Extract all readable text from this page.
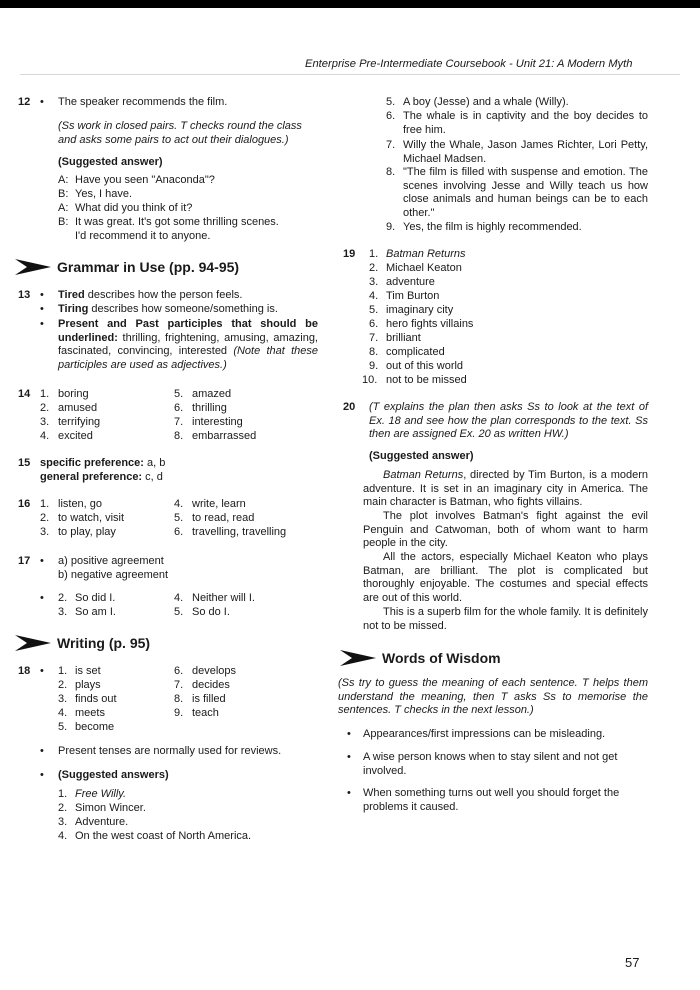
Enterprise Pre-Intermediate Coursebook - Unit 21: A Modern Myth
12 • The speaker recommends the film.
(Ss work in closed pairs. T checks round the class and asks some pairs to act out their dialogues.)
(Suggested answer)
A: Have you seen "Anaconda"?
B: Yes, I have.
A: What did you think of it?
B: It was great. It's got some thrilling scenes.
I'd recommend it to anyone.
Grammar in Use (pp. 94-95)
13 • Tired describes how the person feels.
• Tiring describes how someone/something is.
• Present and Past participles that should be underlined: thrilling, frightening, amusing, amazing, fascinated, convincing, interested (Note that these participles are used as adjectives.)
14 1. boring
2. amused
3. terrifying
4. excited
5. amazed
6. thrilling
7. interesting
8. embarrassed
15 specific preference: a, b
general preference: c, d
16 1. listen, go
2. to watch, visit
3. to play, play
4. write, learn
5. to read, read
6. travelling, travelling
17 • a) positive agreement
b) negative agreement
• 2. So did I.
3. So am I.
4. Neither will I.
5. So do I.
Writing (p. 95)
18 • 1. is set
2. plays
3. finds out
4. meets
5. become
6. develops
7. decides
8. is filled
9. teach
• Present tenses are normally used for reviews.
• (Suggested answers)
1. Free Willy.
2. Simon Wincer.
3. Adventure.
4. On the west coast of North America.
5. A boy (Jesse) and a whale (Willy).
6. The whale is in captivity and the boy decides to free him.
7. Willy the Whale, Jason James Richter, Lori Petty, Michael Madsen.
8. "The film is filled with suspense and emotion. The scenes involving Jesse and Willy teach us how close animals and human beings can be to each other."
9. Yes, the film is highly recommended.
19 1. Batman Returns
2. Michael Keaton
3. adventure
4. Tim Burton
5. imaginary city
6. hero fights villains
7. brilliant
8. complicated
9. out of this world
10. not to be missed
20 (T explains the plan then asks Ss to look at the text of Ex. 18 and see how the plan corresponds to the text. Ss then are assigned Ex. 20 as written HW.)
(Suggested answer)
Batman Returns, directed by Tim Burton, is a modern adventure. It is set in an imaginary city in America. The main character is Batman, who fights villains.
The plot involves Batman's fight against the evil Penguin and Catwoman, both of whom want to harm people in the city.
All the actors, especially Michael Keaton who plays Batman, are brilliant. The plot is complicated but thoroughly enjoyable. The costumes and special effects are out of this world.
This is a superb film for the whole family. It is definitely not to be missed.
Words of Wisdom
(Ss try to guess the meaning of each sentence. T helps them understand the meaning, then T asks Ss to memorise the sentences. T checks in the next lesson.)
• Appearances/first impressions can be misleading.
• A wise person knows when to stay silent and not get involved.
• When something turns out well you should forget the problems it caused.
57
